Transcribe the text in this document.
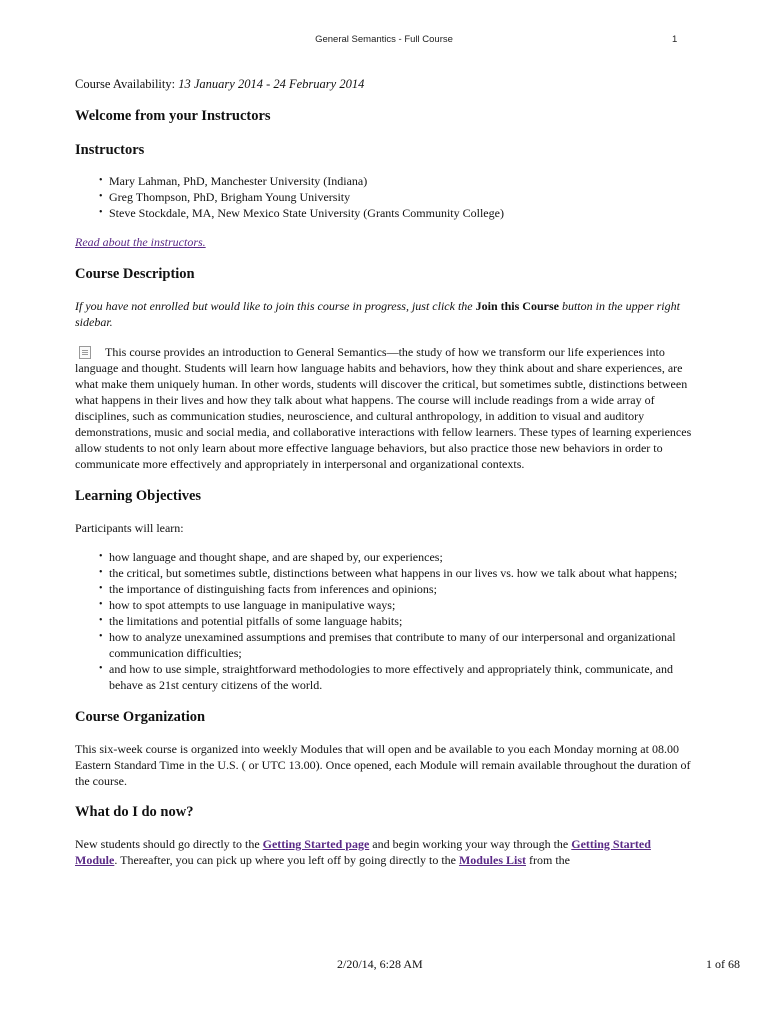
General Semantics - Full Course	1

Course Availability: 13 January 2014 - 24 February 2014

Welcome from your Instructors
Instructors
• Mary Lahman, PhD, Manchester University (Indiana)
• Greg Thompson, PhD, Brigham Young University
• Steve Stockdale, MA, New Mexico State University (Grants Community College)

Read about the instructors.

Course Description

If you have not enrolled but would like to join this course in progress, just click the Join this Course button in the upper right sidebar.

This course provides an introduction to General Semantics—the study of how we transform our life experiences into language and thought. Students will learn how language habits and behaviors, how they think about and share experiences, are what make them uniquely human. In other words, students will discover the critical, but sometimes subtle, distinctions between what happens in their lives and how they talk about what happens. The course will include readings from a wide array of disciplines, such as communication studies, neuroscience, and cultural anthropology, in addition to visual and auditory demonstrations, music and social media, and collaborative interactions with fellow learners. These types of learning experiences allow students to not only learn about more effective language behaviors, but also practice those new behaviors in order to communicate more effectively and appropriately in interpersonal and organizational contexts.

Learning Objectives

Participants will learn:

• how language and thought shape, and are shaped by, our experiences;
• the critical, but sometimes subtle, distinctions between what happens in our lives vs. how we talk about what happens;
• the importance of distinguishing facts from inferences and opinions;
• how to spot attempts to use language in manipulative ways;
• the limitations and potential pitfalls of some language habits;
• how to analyze unexamined assumptions and premises that contribute to many of our interpersonal and organizational communication difficulties;
• and how to use simple, straightforward methodologies to more effectively and appropriately think, communicate, and behave as 21st century citizens of the world.
Course Organization

This six-week course is organized into weekly Modules that will open and be available to you each Monday morning at 08.00 Eastern Standard Time in the U.S. ( or UTC 13.00). Once opened, each Module will remain available throughout the duration of the course.

What do I do now?

New students should go directly to the Getting Started page and begin working your way through the Getting Started Module. Thereafter, you can pick up where you left off by going directly to the Modules List from the

2/20/14, 6:28 AM	1 of 68
